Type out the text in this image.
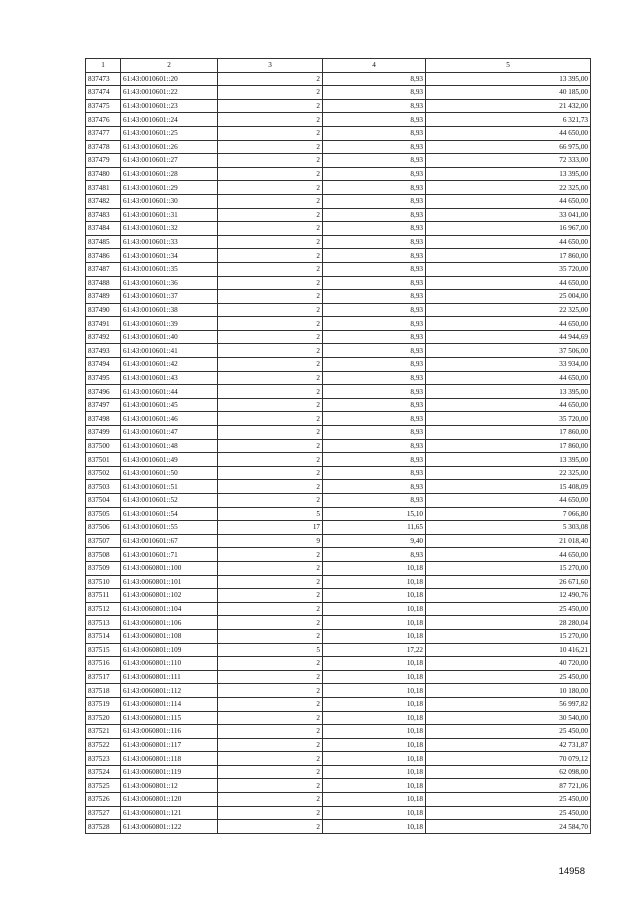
1	2	3	4	5
837473	61:43:0010601::20	2	8,93	13 395,00
837474	61:43:0010601::22	2	8,93	40 185,00
837475	61:43:0010601::23	2	8,93	21 432,00
837476	61:43:0010601::24	2	8,93	6 321,73
837477	61:43:0010601::25	2	8,93	44 650,00
837478	61:43:0010601::26	2	8,93	66 975,00
837479	61:43:0010601::27	2	8,93	72 333,00
837480	61:43:0010601::28	2	8,93	13 395,00
837481	61:43:0010601::29	2	8,93	22 325,00
837482	61:43:0010601::30	2	8,93	44 650,00
837483	61:43:0010601::31	2	8,93	33 041,00
837484	61:43:0010601::32	2	8,93	16 967,00
837485	61:43:0010601::33	2	8,93	44 650,00
837486	61:43:0010601::34	2	8,93	17 860,00
837487	61:43:0010601::35	2	8,93	35 720,00
837488	61:43:0010601::36	2	8,93	44 650,00
837489	61:43:0010601::37	2	8,93	25 004,00
837490	61:43:0010601::38	2	8,93	22 325,00
837491	61:43:0010601::39	2	8,93	44 650,00
837492	61:43:0010601::40	2	8,93	44 944,69
837493	61:43:0010601::41	2	8,93	37 506,00
837494	61:43:0010601::42	2	8,93	33 934,00
837495	61:43:0010601::43	2	8,93	44 650,00
837496	61:43:0010601::44	2	8,93	13 395,00
837497	61:43:0010601::45	2	8,93	44 650,00
837498	61:43:0010601::46	2	8,93	35 720,00
837499	61:43:0010601::47	2	8,93	17 860,00
837500	61:43:0010601::48	2	8,93	17 860,00
837501	61:43:0010601::49	2	8,93	13 395,00
837502	61:43:0010601::50	2	8,93	22 325,00
837503	61:43:0010601::51	2	8,93	15 408,09
837504	61:43:0010601::52	2	8,93	44 650,00
837505	61:43:0010601::54	5	15,10	7 066,80
837506	61:43:0010601::55	17	11,65	5 303,08
837507	61:43:0010601::67	9	9,40	21 018,40
837508	61:43:0010601::71	2	8,93	44 650,00
837509	61:43:0060801::100	2	10,18	15 270,00
837510	61:43:0060801::101	2	10,18	26 671,60
837511	61:43:0060801::102	2	10,18	12 490,76
837512	61:43:0060801::104	2	10,18	25 450,00
837513	61:43:0060801::106	2	10,18	28 280,04
837514	61:43:0060801::108	2	10,18	15 270,00
837515	61:43:0060801::109	5	17,22	10 416,21
837516	61:43:0060801::110	2	10,18	40 720,00
837517	61:43:0060801::111	2	10,18	25 450,00
837518	61:43:0060801::112	2	10,18	10 180,00
837519	61:43:0060801::114	2	10,18	56 997,82
837520	61:43:0060801::115	2	10,18	30 540,00
837521	61:43:0060801::116	2	10,18	25 450,00
837522	61:43:0060801::117	2	10,18	42 731,87
837523	61:43:0060801::118	2	10,18	70 079,12
837524	61:43:0060801::119	2	10,18	62 098,00
837525	61:43:0060801::12	2	10,18	87 721,06
837526	61:43:0060801::120	2	10,18	25 450,00
837527	61:43:0060801::121	2	10,18	25 450,00
837528	61:43:0060801::122	2	10,18	24 584,70
14958
